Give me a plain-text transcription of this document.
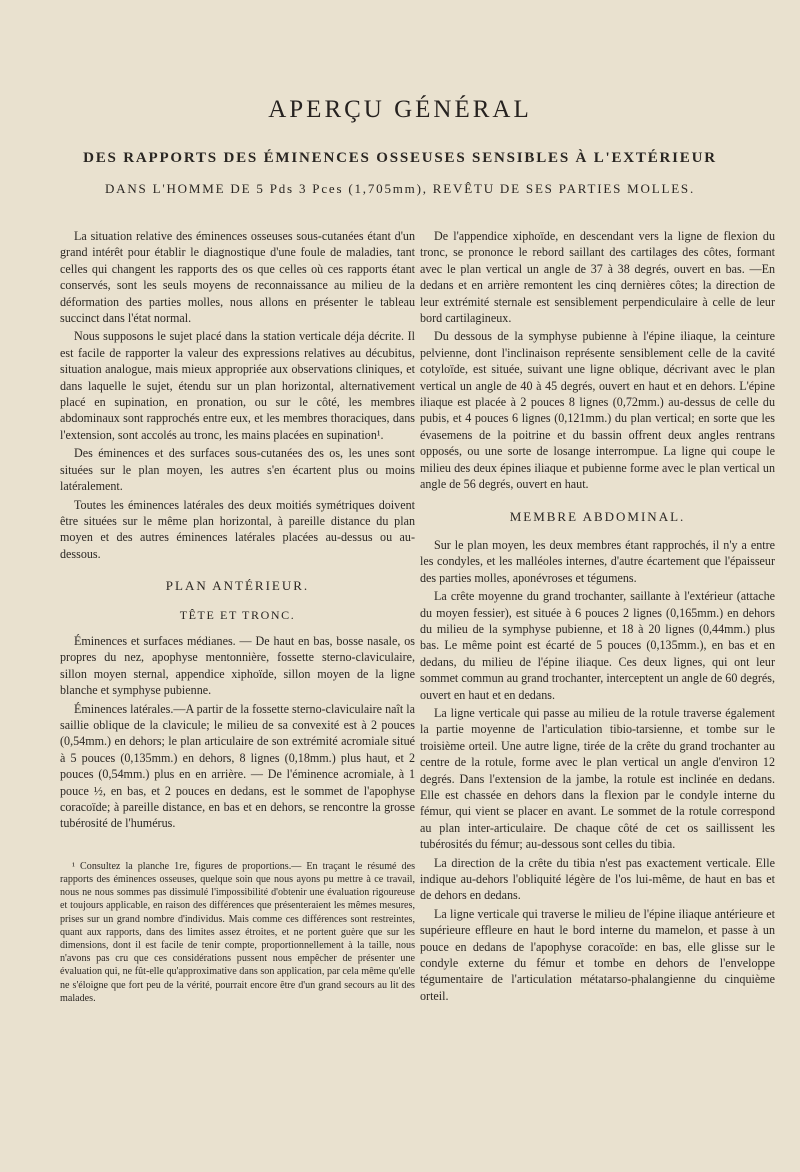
APERÇU GÉNÉRAL
DES RAPPORTS DES ÉMINENCES OSSEUSES SENSIBLES À L'EXTÉRIEUR
DANS L'HOMME DE 5 Pds 3 Pces (1,705mm), REVÊTU DE SES PARTIES MOLLES.

La situation relative des éminences osseuses sous-cutanées étant d'un grand intérêt pour établir le diagnostique d'une foule de maladies, tant celles qui changent les rapports des os que celles où ces rapports étant conservés, sont les seuls moyens de reconnaissance au milieu de la déformation des parties molles, nous allons en présenter le tableau succinct dans l'état normal.

Nous supposons le sujet placé dans la station verticale déja décrite. Il est facile de rapporter la valeur des expressions relatives au décubitus, situation analogue, mais mieux appropriée aux observations cliniques, et dans laquelle le sujet, étendu sur un plan horizontal, alternativement placé en supination, en pronation, ou sur le côté, les membres abdominaux sont rapprochés entre eux, et les membres thoraciques, dans l'extension, sont accolés au tronc, les mains placées en supination¹.

Des éminences et des surfaces sous-cutanées des os, les unes sont situées sur le plan moyen, les autres s'en écartent plus ou moins latéralement.

Toutes les éminences latérales des deux moitiés symétriques doivent être situées sur le même plan horizontal, à pareille distance du plan moyen et des autres éminences latérales placées au-dessus ou au-dessous.

PLAN ANTÉRIEUR.
TÊTE ET TRONC.

Éminences et surfaces médianes. — De haut en bas, bosse nasale, os propres du nez, apophyse mentonnière, fossette sterno-claviculaire, sillon moyen sternal, appendice xiphoïde, sillon moyen de la ligne blanche et symphyse pubienne.

Éminences latérales.—A partir de la fossette sterno-claviculaire naît la saillie oblique de la clavicule; le milieu de sa convexité est à 2 pouces (0,54mm.) en dehors; le plan articulaire de son extrémité acromiale situé à 5 pouces (0,135mm.) en dehors, 8 lignes (0,18mm.) plus haut, et 2 pouces (0,54mm.) plus en en arrière. — De l'éminence acromiale, à 1 pouce ½, en bas, et 2 pouces en dedans, est le sommet de l'apophyse coracoïde; à pareille distance, en bas et en dehors, se rencontre la grosse tubérosité de l'humérus.

¹ Consultez la planche 1re, figures de proportions.— En traçant le résumé des rapports des éminences osseuses, quelque soin que nous ayons pu mettre à ce travail, nous ne nous sommes pas dissimulé l'impossibilité d'obtenir une évaluation rigoureuse et toujours applicable, en raison des différences que présenteraient les mêmes mesures, prises sur un grand nombre d'individus. Mais comme ces différences sont restreintes, quant aux rapports, dans des limites assez étroites, et ne portent guère que sur les dimensions, dont il est facile de tenir compte, proportionnellement à la taille, nous n'avons pas cru que ces considérations pussent nous empêcher de présenter une évaluation qui, ne fût-elle qu'approximative dans son application, par cela même qu'elle ne s'éloigne que fort peu de la vérité, pourrait encore être d'un grand secours au lit des malades.

De l'appendice xiphoïde, en descendant vers la ligne de flexion du tronc, se prononce le rebord saillant des cartilages des côtes, formant avec le plan vertical un angle de 37 à 38 degrés, ouvert en bas. —En dedans et en arrière remontent les cinq dernières côtes; la direction de leur extrémité sternale est sensiblement perpendiculaire à celle de leur bord cartilagineux.

Du dessous de la symphyse pubienne à l'épine iliaque, la ceinture pelvienne, dont l'inclinaison représente sensiblement celle de la cavité cotyloïde, est située, suivant une ligne oblique, décrivant avec le plan vertical un angle de 40 à 45 degrés, ouvert en haut et en dehors. L'épine iliaque est placée à 2 pouces 8 lignes (0,72mm.) au-dessus de celle du pubis, et 4 pouces 6 lignes (0,121mm.) du plan vertical; en sorte que les évasemens de la poitrine et du bassin offrent deux angles rentrans opposés, ou une sorte de losange interrompue. La ligne qui coupe le milieu des deux épines iliaque et pubienne forme avec le plan vertical un angle de 56 degrés, ouvert en haut.

MEMBRE ABDOMINAL.

Sur le plan moyen, les deux membres étant rapprochés, il n'y a entre les condyles, et les malléoles internes, d'autre écartement que l'épaisseur des parties molles, aponévroses et tégumens.

La crête moyenne du grand trochanter, saillante à l'extérieur (attache du moyen fessier), est située à 6 pouces 2 lignes (0,165mm.) en dehors du milieu de la symphyse pubienne, et 18 à 20 lignes (0,44mm.) plus bas. Le même point est écarté de 5 pouces (0,135mm.), en bas et en dedans, du milieu de l'épine iliaque. Ces deux lignes, qui ont leur sommet commun au grand trochanter, interceptent un angle de 60 degrés, ouvert en haut et en dedans.

La ligne verticale qui passe au milieu de la rotule traverse également la partie moyenne de l'articulation tibio-tarsienne, et tombe sur le troisième orteil. Une autre ligne, tirée de la crête du grand trochanter au centre de la rotule, forme avec le plan vertical un angle d'environ 12 degrés. Dans l'extension de la jambe, la rotule est inclinée en dedans. Elle est chassée en dehors dans la flexion par le condyle interne du fémur, qui vient se placer en avant. Le sommet de la rotule correspond au plan inter-articulaire. De chaque côté de cet os saillissent les tubérosités du fémur; au-dessous sont celles du tibia.

La direction de la crête du tibia n'est pas exactement verticale. Elle indique au-dehors l'obliquité légère de l'os lui-même, de haut en bas et de dehors en dedans.

La ligne verticale qui traverse le milieu de l'épine iliaque antérieure et supérieure effleure en haut le bord interne du mamelon, et passe à un pouce en dedans de l'apophyse coracoïde: en bas, elle glisse sur le condyle externe du fémur et tombe en dehors de l'enveloppe tégumentaire de l'articulation métatarso-phalangienne du cinquième orteil.
